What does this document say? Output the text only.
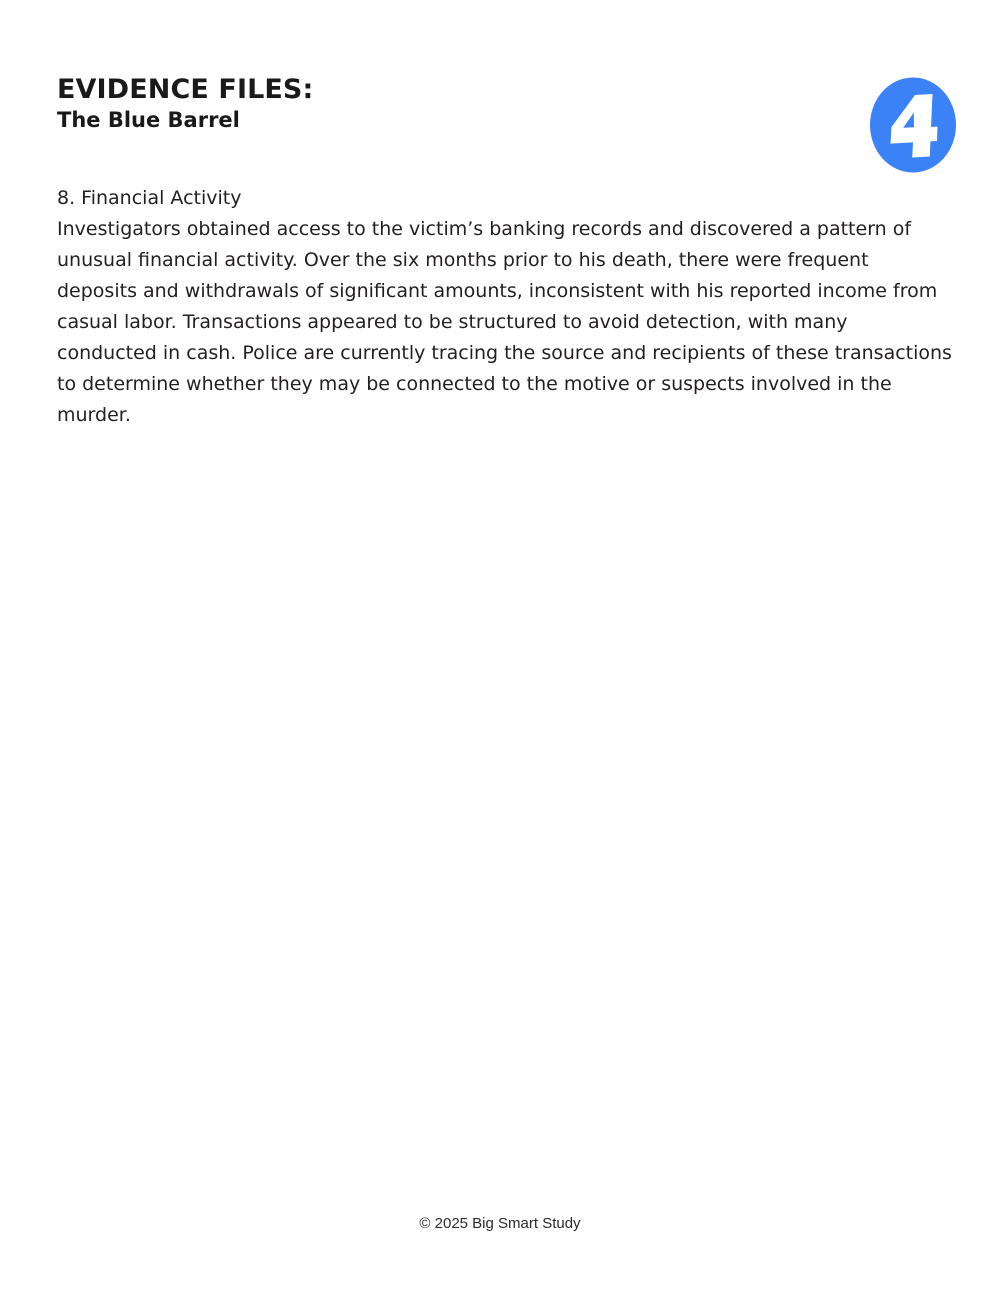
EVIDENCE FILES:
The Blue Barrel
8. Financial Activity
Investigators obtained access to the victim’s banking records and discovered a pattern of unusual financial activity. Over the six months prior to his death, there were frequent deposits and withdrawals of significant amounts, inconsistent with his reported income from casual labor. Transactions appeared to be structured to avoid detection, with many conducted in cash. Police are currently tracing the source and recipients of these transactions to determine whether they may be connected to the motive or suspects involved in the murder.
© 2025 Big Smart Study
